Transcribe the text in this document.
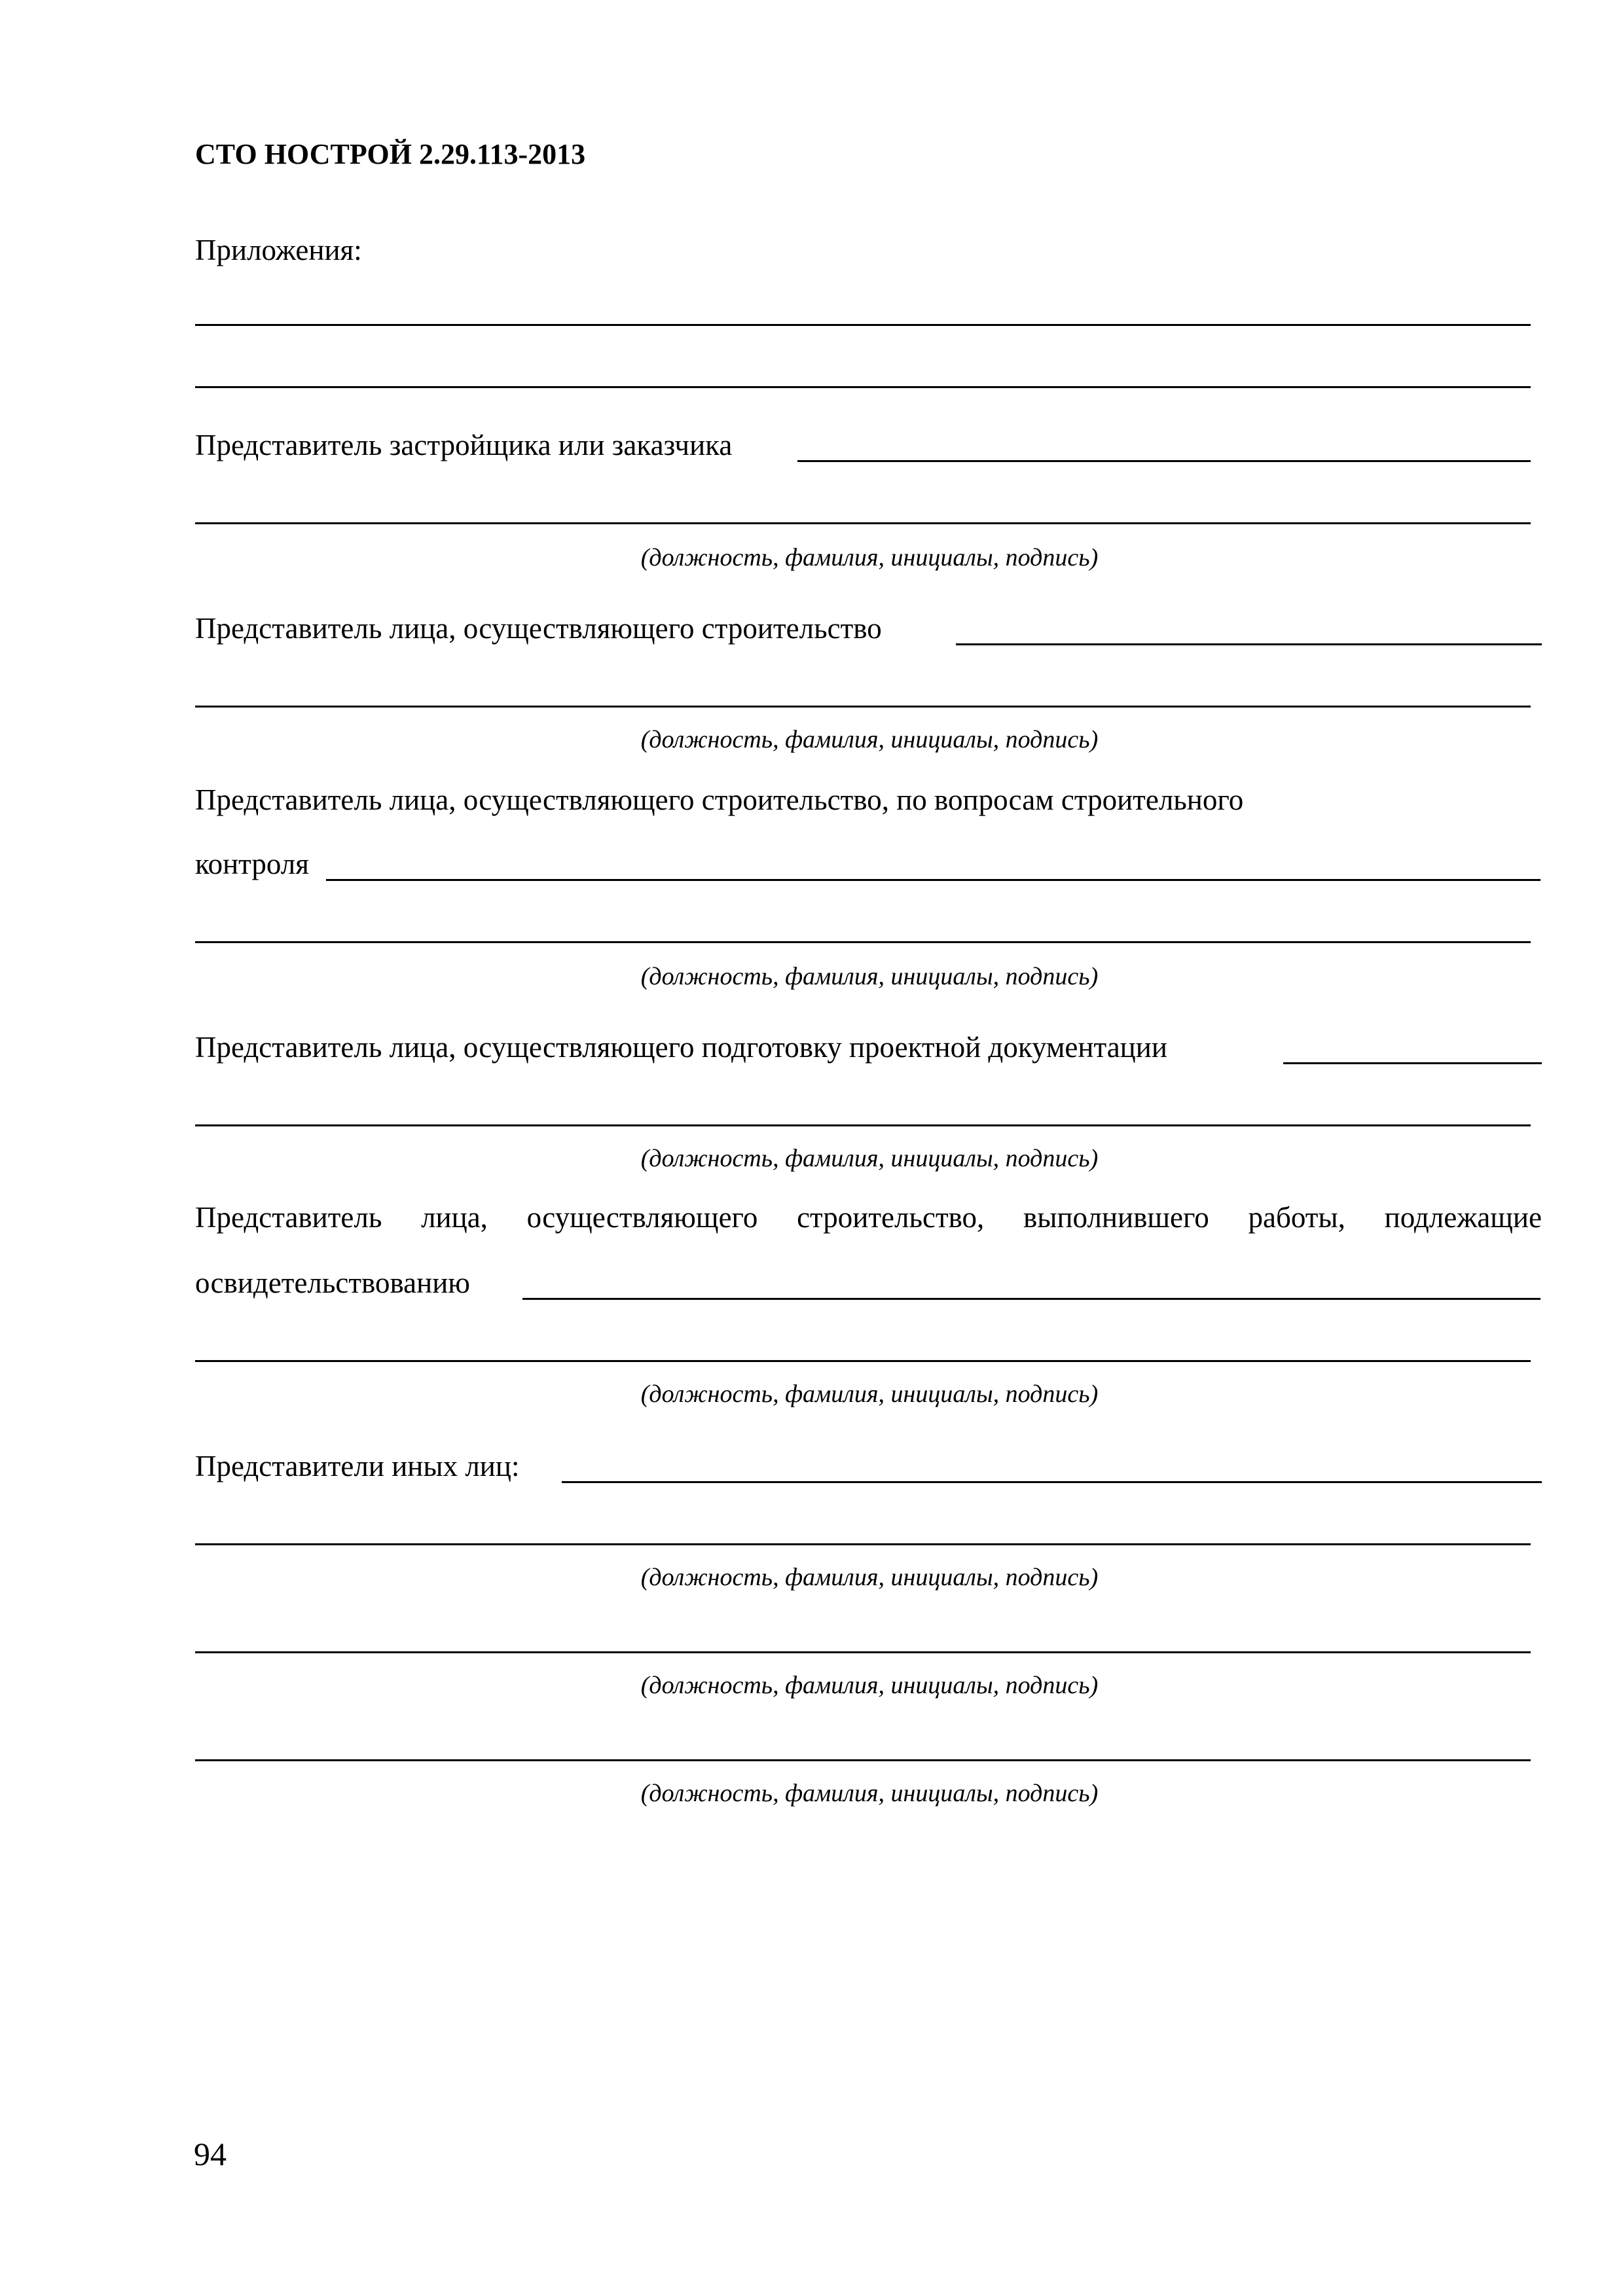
СТО НОСТРОЙ 2.29.113-2013
Приложения:
Представитель застройщика или заказчика
(должность, фамилия, инициалы, подпись)
Представитель лица, осуществляющего строительство
(должность, фамилия, инициалы, подпись)
Представитель лица, осуществляющего строительство, по вопросам строительного
контроля
(должность, фамилия, инициалы, подпись)
Представитель лица, осуществляющего подготовку проектной документации
(должность, фамилия, инициалы, подпись)
Представитель лица, осуществляющего строительство, выполнившего работы, подлежащие
освидетельствованию
(должность, фамилия, инициалы, подпись)
Представители иных лиц:
(должность, фамилия, инициалы, подпись)
(должность, фамилия, инициалы, подпись)
(должность, фамилия, инициалы, подпись)
94
